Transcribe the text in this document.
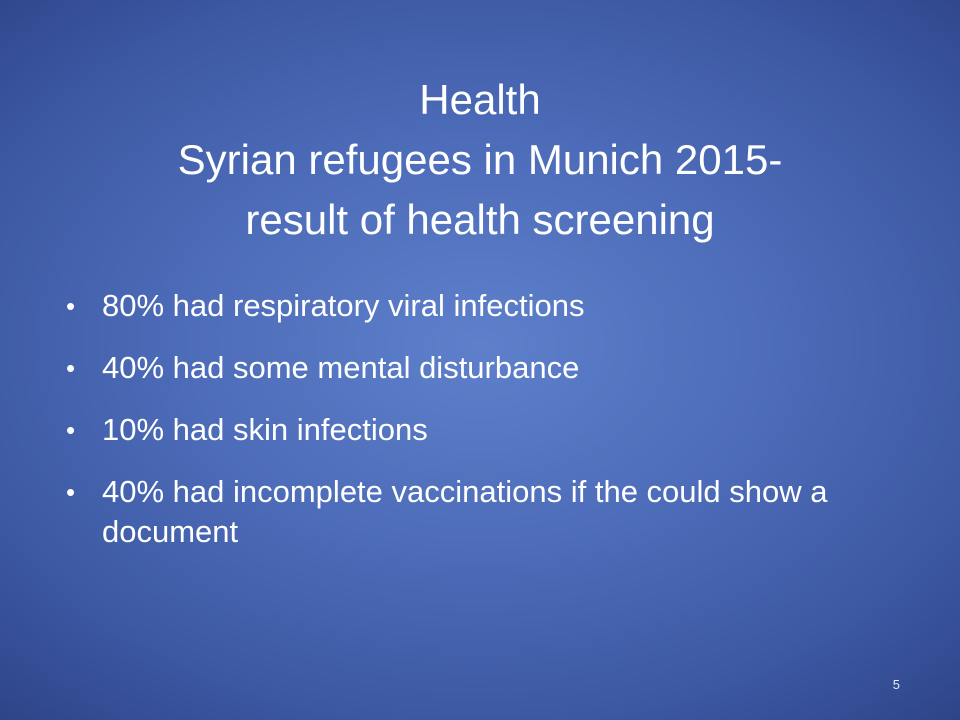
Health
Syrian refugees in Munich 2015-
result of health screening
• 80% had respiratory viral infections
• 40% had some mental disturbance
• 10% had skin infections
• 40% had incomplete vaccinations if the could show a document
5
